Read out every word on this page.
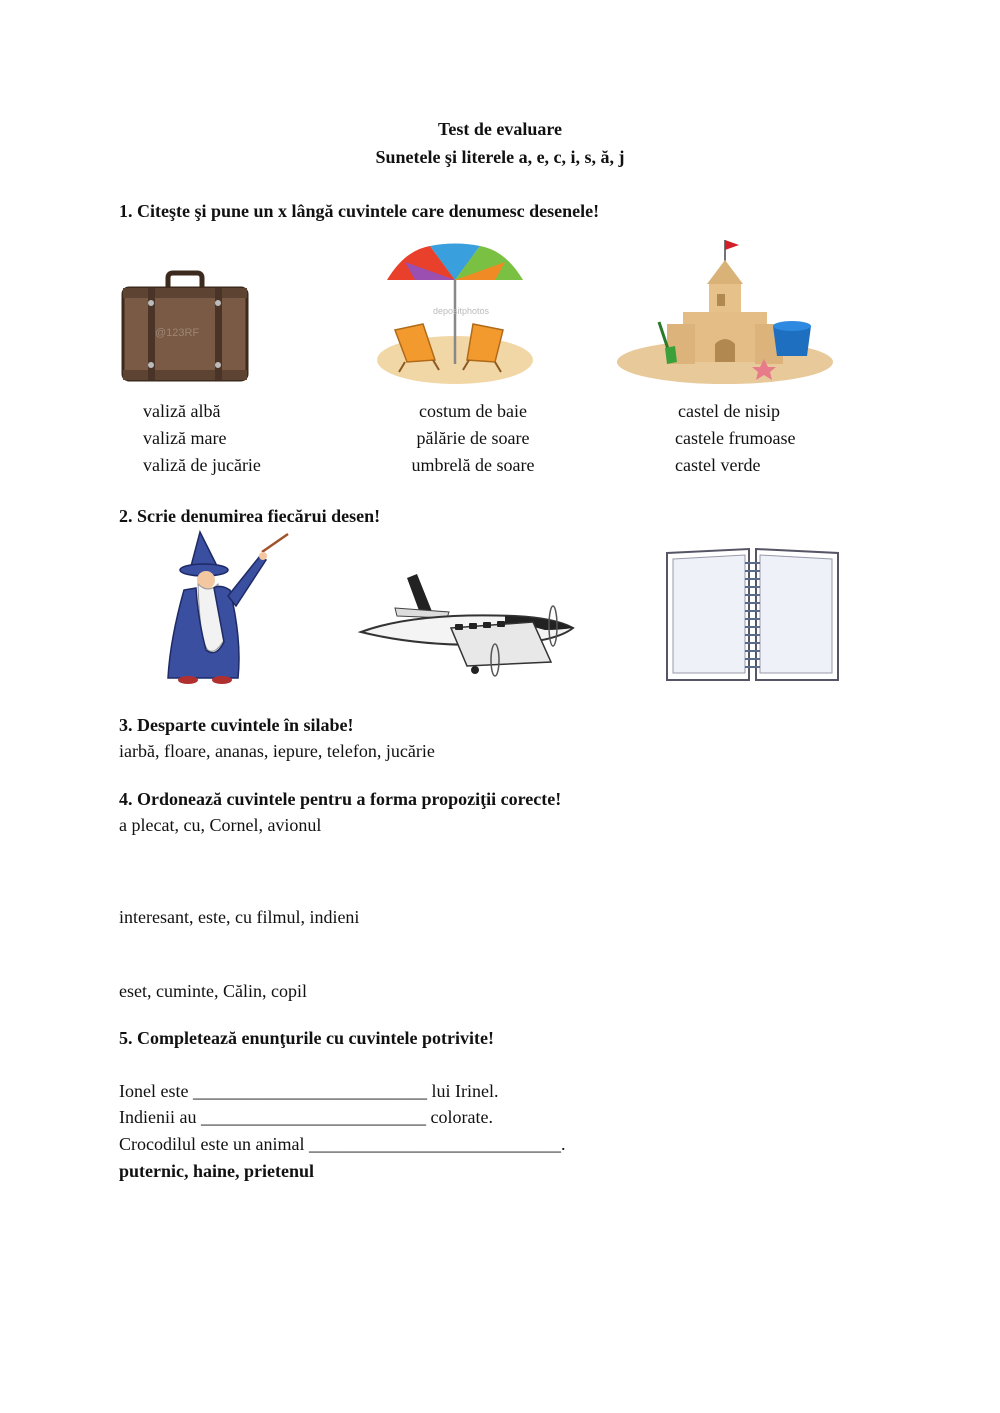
Test de evaluare
Sunetele şi literele a, e, c, i, s, ă, j
1. Citeşte şi pune un x lângă cuvintele care denumesc desenele!
@123RF
depositphotos
valiză albă
valiză mare
valiză de jucărie
costum de baie
pălărie de soare
umbrelă de soare
castel de nisip
castele frumoase
castel verde
2. Scrie denumirea fiecărui desen!
3. Desparte cuvintele în silabe!
iarbă, floare, ananas, iepure, telefon, jucărie
4. Ordonează cuvintele pentru a forma propoziţii corecte!
a plecat, cu, Cornel, avionul
interesant, este, cu filmul, indieni
eset, cuminte, Călin, copil
5. Completează enunţurile cu cuvintele potrivite!
Ionel este __________________________ lui Irinel.
Indienii au _________________________ colorate.
Crocodilul este un animal ____________________________.
puternic, haine, prietenul
